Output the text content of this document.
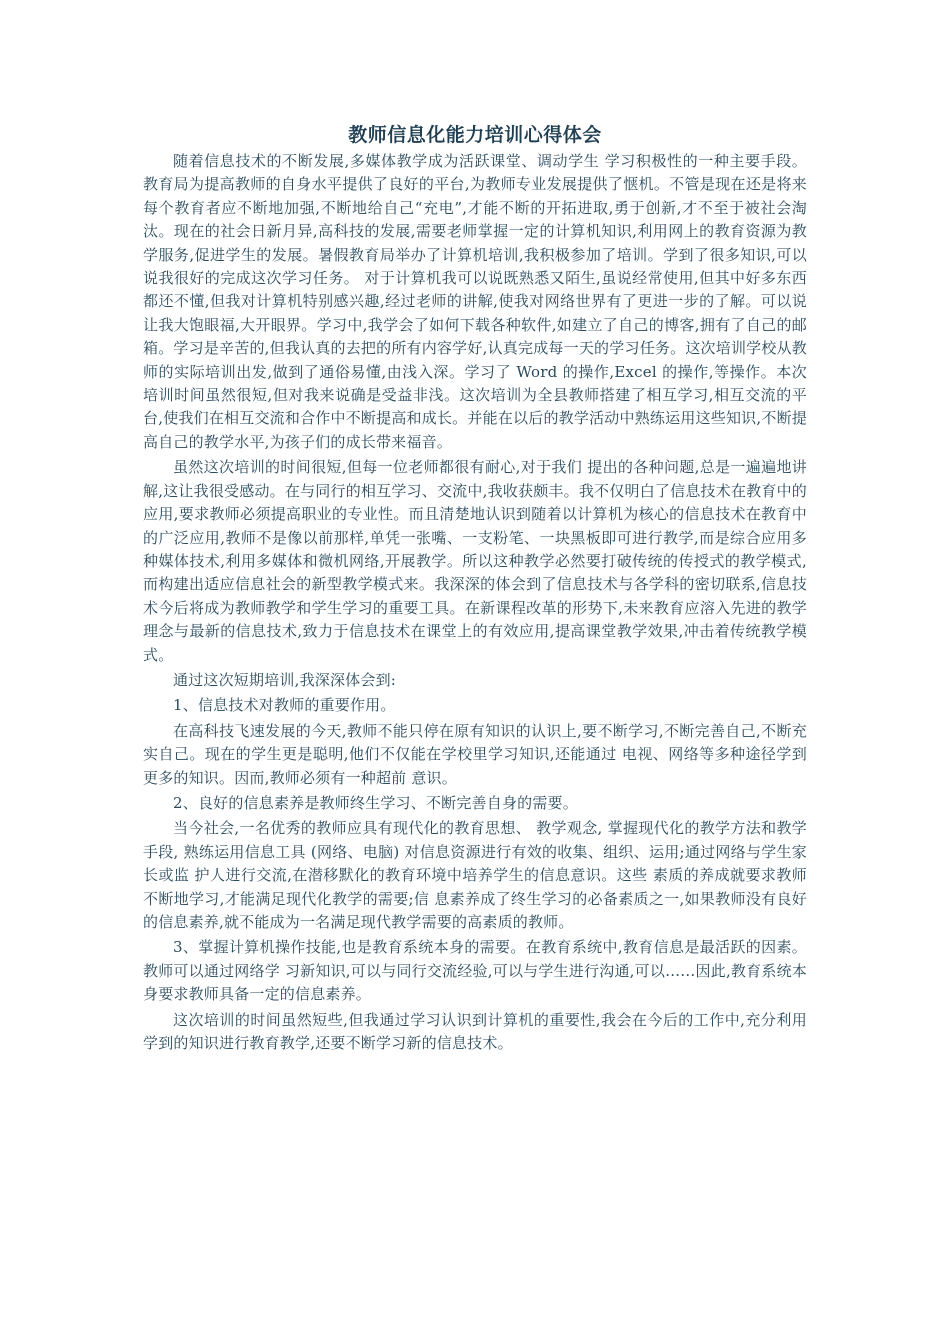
教师信息化能力培训心得体会

随着信息技术的不断发展,多媒体教学成为活跃课堂、调动学生 学习积极性的一种主要手段。 教育局为提高教师的自身水平提供了良好的平台,为教师专业发展提供了惬机。不管是现在还是将来每个教育者应不断地加强,不断地给自己“充电”,才能不断的开拓进取,勇于创新,才不至于被社会淘汰。现在的社会日新月异,高科技的发展,需要老师掌握一定的计算机知识,利用网上的教育资源为教学服务,促进学生的发展。暑假教育局举办了计算机培训,我积极参加了培训。学到了很多知识,可以说我很好的完成这次学习任务。 对于计算机我可以说既熟悉又陌生,虽说经常使用,但其中好多东西都还不懂,但我对计算机特别感兴趣,经过老师的讲解,使我对网络世界有了更进一步的了解。可以说让我大饱眼福,大开眼界。学习中,我学会了如何下载各种软件,如建立了自己的博客,拥有了自己的邮箱。学习是辛苦的,但我认真的去把的所有内容学好,认真完成每一天的学习任务。这次培训学校从教师的实际培训出发,做到了通俗易懂,由浅入深。学习了 Word 的操作,Excel 的操作,等操作。本次培训时间虽然很短,但对我来说确是受益非浅。这次培训为全县教师搭建了相互学习,相互交流的平台,使我们在相互交流和合作中不断提高和成长。并能在以后的教学活动中熟练运用这些知识,不断提高自己的教学水平,为孩子们的成长带来福音。

虽然这次培训的时间很短,但每一位老师都很有耐心,对于我们 提出的各种问题,总是一遍遍地讲解,这让我很受感动。在与同行的相互学习、交流中,我收获颇丰。我不仅明白了信息技术在教育中的应用,要求教师必须提高职业的专业性。而且清楚地认识到随着以计算机为核心的信息技术在教育中的广泛应用,教师不是像以前那样,单凭一张嘴、一支粉笔、一块黑板即可进行教学,而是综合应用多种媒体技术,利用多媒体和微机网络,开展教学。所以这种教学必然要打破传统的传授式的教学模式,而构建出适应信息社会的新型教学模式来。我深深的体会到了信息技术与各学科的密切联系,信息技术今后将成为教师教学和学生学习的重要工具。在新课程改革的形势下,未来教育应溶入先进的教学理念与最新的信息技术,致力于信息技术在课堂上的有效应用,提高课堂教学效果,冲击着传统教学模式。

通过这次短期培训,我深深体会到:

1、信息技术对教师的重要作用。

在高科技飞速发展的今天,教师不能只停在原有知识的认识上,要不断学习,不断完善自己,不断充实自己。现在的学生更是聪明,他们不仅能在学校里学习知识,还能通过 电视、网络等多种途径学到更多的知识。因而,教师必须有一种超前 意识。

2、良好的信息素养是教师终生学习、不断完善自身的需要。

当今社会,一名优秀的教师应具有现代化的教育思想、 教学观念, 掌握现代化的教学方法和教学手段, 熟练运用信息工具 (网络、电脑) 对信息资源进行有效的收集、组织、运用;通过网络与学生家长或监 护人进行交流,在潜移默化的教育环境中培养学生的信息意识。这些 素质的养成就要求教师不断地学习,才能满足现代化教学的需要;信 息素养成了终生学习的必备素质之一,如果教师没有良好的信息素养,就不能成为一名满足现代教学需要的高素质的教师。

3、掌握计算机操作技能,也是教育系统本身的需要。在教育系统中,教育信息是最活跃的因素。教师可以通过网络学 习新知识,可以与同行交流经验,可以与学生进行沟通,可以……因此,教育系统本身要求教师具备一定的信息素养。

这次培训的时间虽然短些,但我通过学习认识到计算机的重要性,我会在今后的工作中,充分利用学到的知识进行教育教学,还要不断学习新的信息技术。
